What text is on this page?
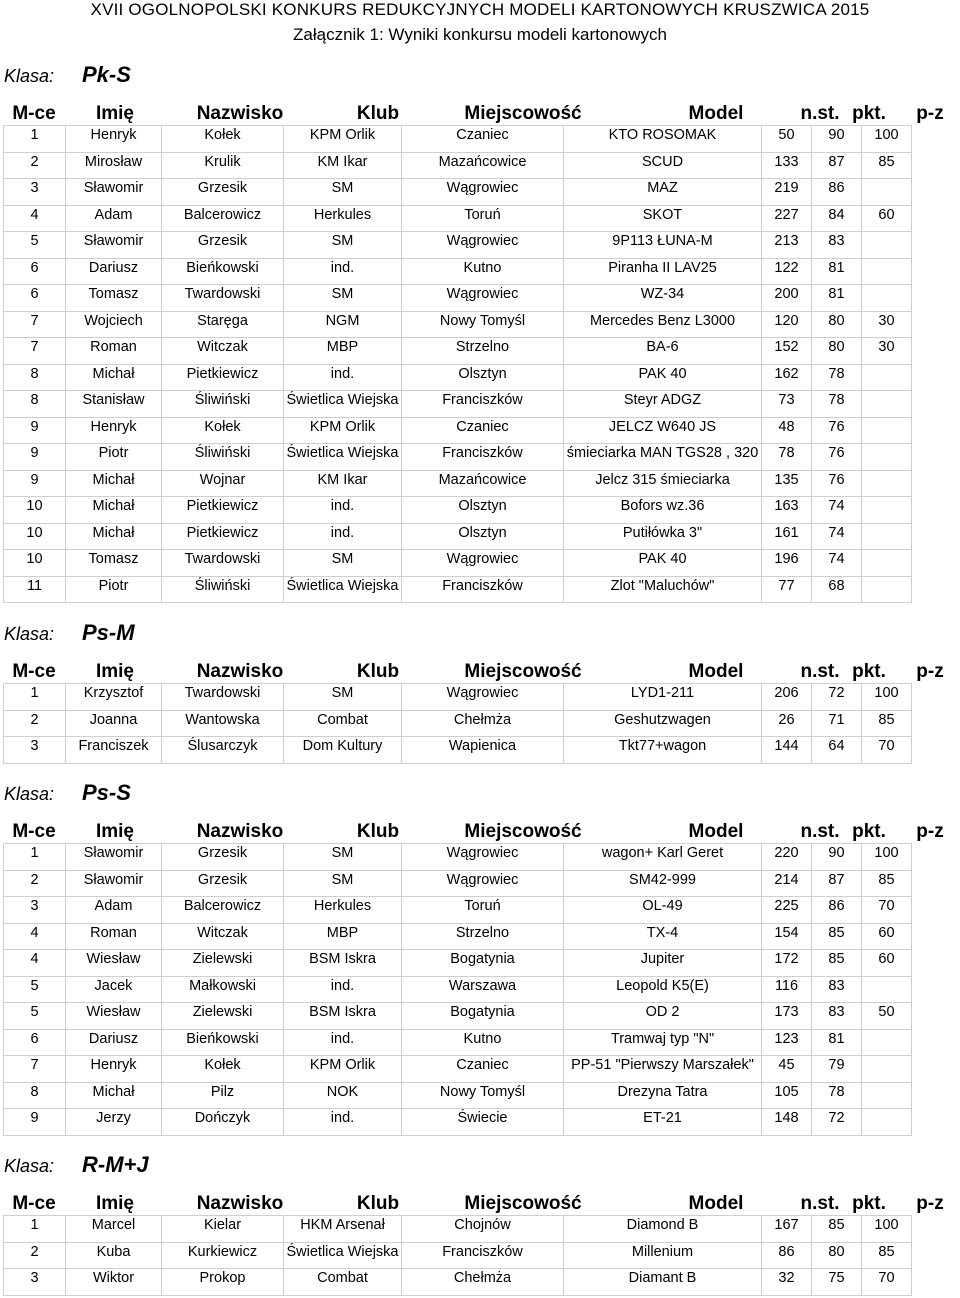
XVII OGOLNOPOLSKI KONKURS REDUKCYJNYCH MODELI KARTONOWYCH KRUSZWICA 2015
Załącznik 1: Wyniki konkursu modeli kartonowych
Klasa: Pk-S
M-ce	Imię	Nazwisko	Klub	Miejscowość	Model	n.st. pkt.	p-z
1	Henryk	Kołek	KPM Orlik	Czaniec	KTO ROSOMAK	50	90	100
2	Mirosław	Krulik	KM Ikar	Mazańcowice	SCUD	133	87	85
3	Sławomir	Grzesik	SM	Wągrowiec	MAZ	219	86	
4	Adam	Balcerowicz	Herkules	Toruń	SKOT	227	84	60
5	Sławomir	Grzesik	SM	Wągrowiec	9P113 ŁUNA-M	213	83	
6	Dariusz	Bieńkowski	ind.	Kutno	Piranha II LAV25	122	81	
6	Tomasz	Twardowski	SM	Wągrowiec	WZ-34	200	81	
7	Wojciech	Staręga	NGM	Nowy Tomyśl	Mercedes Benz L3000	120	80	30
7	Roman	Witczak	MBP	Strzelno	BA-6	152	80	30
8	Michał	Pietkiewicz	ind.	Olsztyn	PAK 40	162	78	
8	Stanisław	Śliwiński	Świetlica Wiejska	Franciszków	Steyr ADGZ	73	78	
9	Henryk	Kołek	KPM Orlik	Czaniec	JELCZ W640 JS	48	76	
9	Piotr	Śliwiński	Świetlica Wiejska	Franciszków	śmieciarka MAN TGS28 , 320	78	76	
9	Michał	Wojnar	KM Ikar	Mazańcowice	Jelcz 315 śmieciarka	135	76	
10	Michał	Pietkiewicz	ind.	Olsztyn	Bofors wz.36	163	74	
10	Michał	Pietkiewicz	ind.	Olsztyn	Putiłówka 3"	161	74	
10	Tomasz	Twardowski	SM	Wągrowiec	PAK 40	196	74	
11	Piotr	Śliwiński	Świetlica Wiejska	Franciszków	Zlot "Maluchów"	77	68	
Klasa: Ps-M
M-ce	Imię	Nazwisko	Klub	Miejscowość	Model	n.st. pkt.	p-z
1	Krzysztof	Twardowski	SM	Wągrowiec	LYD1-211	206	72	100
2	Joanna	Wantowska	Combat	Chełmża	Geshutzwagen	26	71	85
3	Franciszek	Ślusarczyk	Dom Kultury	Wapienica	Tkt77+wagon	144	64	70
Klasa: Ps-S
M-ce	Imię	Nazwisko	Klub	Miejscowość	Model	n.st. pkt.	p-z
1	Sławomir	Grzesik	SM	Wągrowiec	wagon+ Karl Geret	220	90	100
2	Sławomir	Grzesik	SM	Wągrowiec	SM42-999	214	87	85
3	Adam	Balcerowicz	Herkules	Toruń	OL-49	225	86	70
4	Roman	Witczak	MBP	Strzelno	TX-4	154	85	60
4	Wiesław	Zielewski	BSM Iskra	Bogatynia	Jupiter	172	85	60
5	Jacek	Małkowski	ind.	Warszawa	Leopold K5(E)	116	83	
5	Wiesław	Zielewski	BSM Iskra	Bogatynia	OD 2	173	83	50
6	Dariusz	Bieńkowski	ind.	Kutno	Tramwaj typ "N"	123	81	
7	Henryk	Kołek	KPM Orlik	Czaniec	PP-51 "Pierwszy Marszałek"	45	79	
8	Michał	Pilz	NOK	Nowy Tomyśl	Drezyna Tatra	105	78	
9	Jerzy	Dończyk	ind.	Świecie	ET-21	148	72	
Klasa: R-M+J
M-ce	Imię	Nazwisko	Klub	Miejscowość	Model	n.st. pkt.	p-z
1	Marcel	Kielar	HKM Arsenał	Chojnów	Diamond B	167	85	100
2	Kuba	Kurkiewicz	Świetlica Wiejska	Franciszków	Millenium	86	80	85
3	Wiktor	Prokop	Combat	Chełmża	Diamant B	32	75	70
